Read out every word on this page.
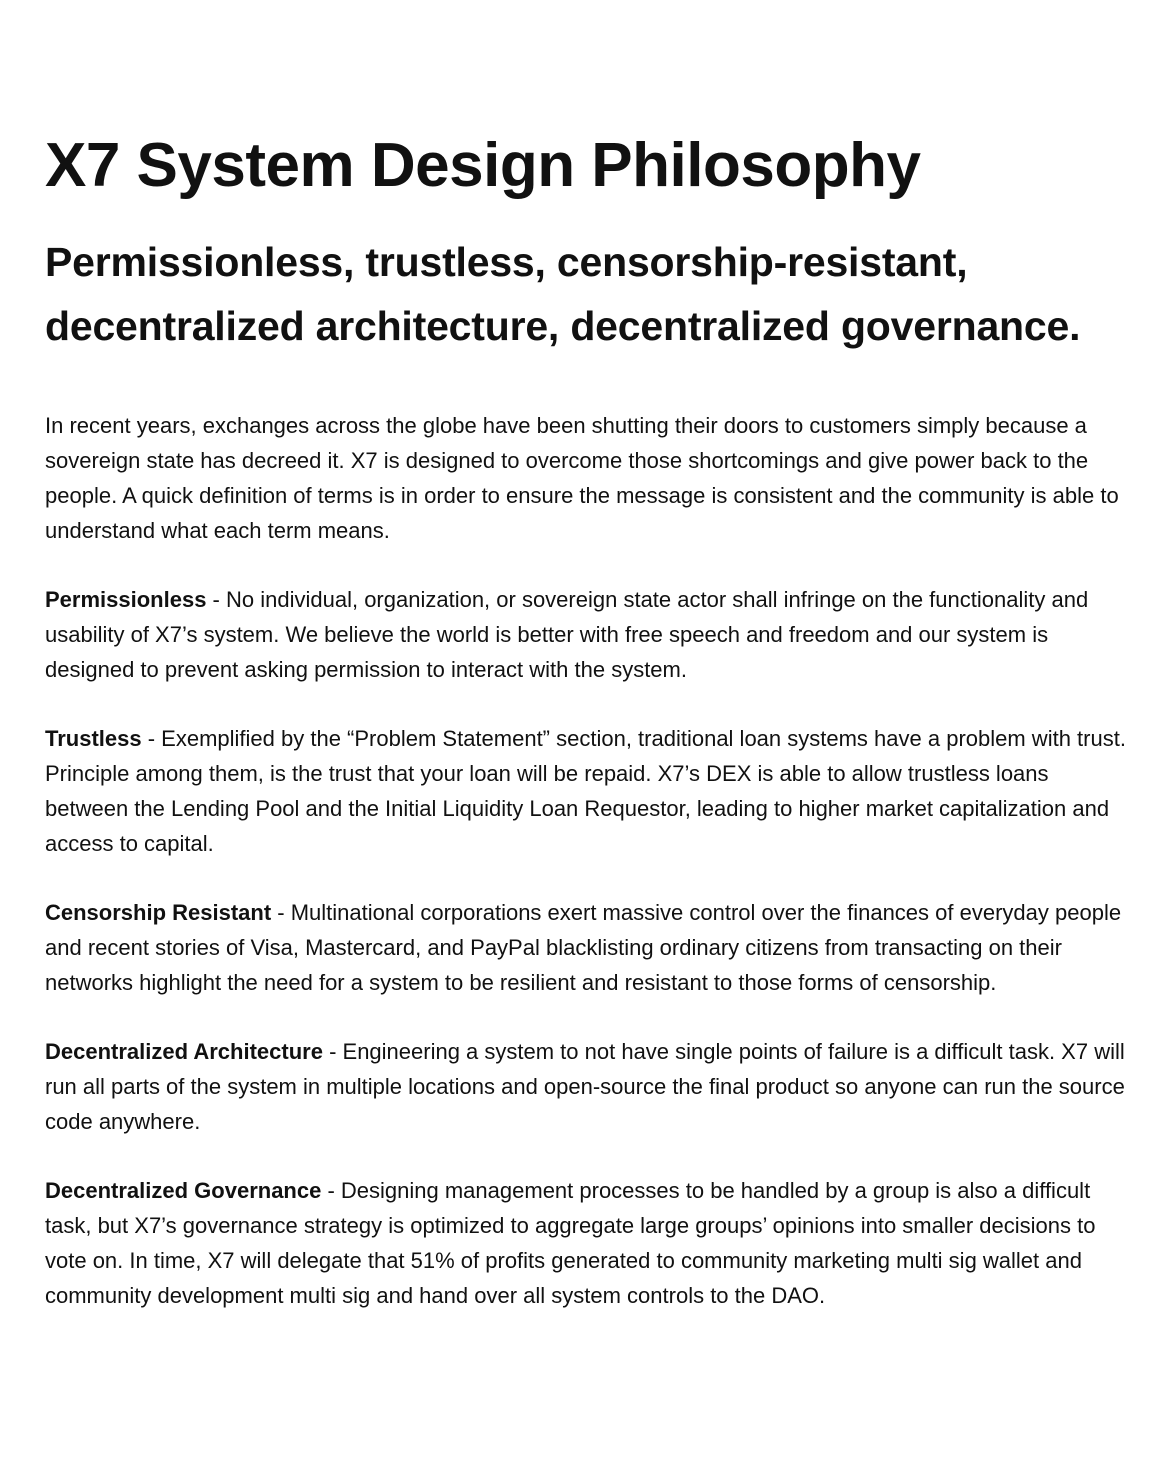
X7 System Design Philosophy
Permissionless, trustless, censorship-resistant, decentralized architecture, decentralized governance.

In recent years, exchanges across the globe have been shutting their doors to customers simply because a sovereign state has decreed it. X7 is designed to overcome those shortcomings and give power back to the people. A quick definition of terms is in order to ensure the message is consistent and the community is able to understand what each term means.

Permissionless - No individual, organization, or sovereign state actor shall infringe on the functionality and usability of X7’s system. We believe the world is better with free speech and freedom and our system is designed to prevent asking permission to interact with the system.

Trustless - Exemplified by the “Problem Statement” section, traditional loan systems have a problem with trust. Principle among them, is the trust that your loan will be repaid. X7’s DEX is able to allow trustless loans between the Lending Pool and the Initial Liquidity Loan Requestor, leading to higher market capitalization and access to capital.

Censorship Resistant - Multinational corporations exert massive control over the finances of everyday people and recent stories of Visa, Mastercard, and PayPal blacklisting ordinary citizens from transacting on their networks highlight the need for a system to be resilient and resistant to those forms of censorship.

Decentralized Architecture - Engineering a system to not have single points of failure is a difficult task. X7 will run all parts of the system in multiple locations and open-source the final product so anyone can run the source code anywhere.

Decentralized Governance - Designing management processes to be handled by a group is also a difficult task, but X7’s governance strategy is optimized to aggregate large groups’ opinions into smaller decisions to vote on. In time, X7 will delegate that 51% of profits generated to community marketing multi sig wallet and community development multi sig and hand over all system controls to the DAO.
